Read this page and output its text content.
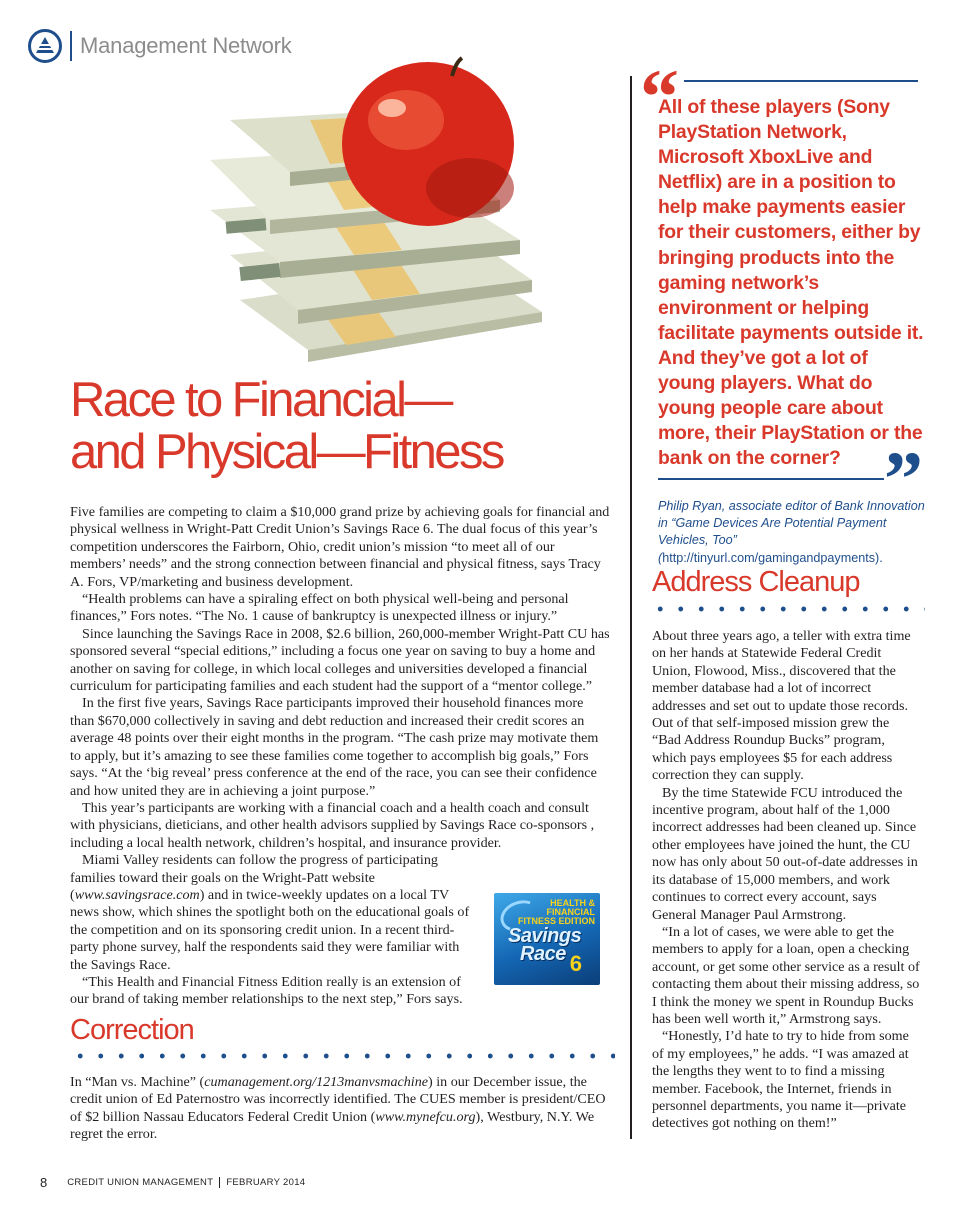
Management Network
Race to Financial—
and Physical—Fitness

Five families are competing to claim a $10,000 grand prize by achieving goals for financial and physical wellness in Wright-Patt Credit Union’s Savings Race 6. The dual focus of this year’s competition underscores the Fairborn, Ohio, credit union’s mission “to meet all of our members’ needs” and the strong connection between financial and physical fitness, says Tracy A. Fors, VP/marketing and business development.

“Health problems can have a spiraling effect on both physical well-being and personal finances,” Fors notes. “The No. 1 cause of bankruptcy is unexpected illness or injury.”

Since launching the Savings Race in 2008, $2.6 billion, 260,000-member Wright-Patt CU has sponsored several “special editions,” including a focus one year on saving to buy a home and another on saving for college, in which local colleges and universities developed a financial curriculum for participating families and each student had the support of a “mentor college.”

In the first five years, Savings Race participants improved their household finances more than $670,000 collectively in saving and debt reduction and increased their credit scores an average 48 points over their eight months in the program. “The cash prize may motivate them to apply, but it’s amazing to see these families come together to accomplish big goals,” Fors says. “At the ‘big reveal’ press conference at the end of the race, you can see their confidence and how united they are in achieving a joint purpose.”

This year’s participants are working with a financial coach and a health coach and consult with physicians, dieticians, and other health advisors supplied by Savings Race co-sponsors , including a local health network, children’s hospital, and insurance provider.

Miami Valley residents can follow the progress of participating families toward their goals on the Wright-Patt website (www.savingsrace.com) and in twice-weekly updates on a local TV news show, which shines the spotlight both on the educational goals of the competition and on its sponsoring credit union. In a recent third-party phone survey, half the respondents said they were familiar with the Savings Race.

“This Health and Financial Fitness Edition really is an extension of our brand of taking member relationships to the next step,” Fors says.

HEALTH &
FINANCIAL
FITNESS EDITION
Savings
Race 6
Correction
In “Man vs. Machine” (cumanagement.org/1213manvsmachine) in our December issue, the credit union of Ed Paternostro was incorrectly identified. The CUES member is president/CEO of $2 billion Nassau Educators Federal Credit Union (www.mynefcu.org), Westbury, N.Y. We regret the error.
“
All of these players (Sony PlayStation Network, Microsoft XboxLive and Netflix) are in a position to help make payments easier for their customers, either by bringing products into the gaming network’s environment or helping facilitate payments outside it. And they’ve got a lot of young players. What do young people care about more, their PlayStation or the bank on the corner? ”
Philip Ryan, associate editor of Bank Innovation in “Game Devices Are Potential Payment Vehicles, Too” (http://tinyurl.com/gamingandpayments).
Address Cleanup

About three years ago, a teller with extra time on her hands at Statewide Federal Credit Union, Flowood, Miss., discovered that the member database had a lot of incorrect addresses and set out to update those records. Out of that self-imposed mission grew the “Bad Address Roundup Bucks” program, which pays employees $5 for each address correction they can supply.

By the time Statewide FCU introduced the incentive program, about half of the 1,000 incorrect addresses had been cleaned up. Since other employees have joined the hunt, the CU now has only about 50 out-of-date addresses in its database of 15,000 members, and work continues to correct every account, says General Manager Paul Armstrong.

“In a lot of cases, we were able to get the members to apply for a loan, open a checking account, or get some other service as a result of contacting them about their missing address, so I think the money we spent in Roundup Bucks has been well worth it,” Armstrong says.

“Honestly, I’d hate to try to hide from some of my employees,” he adds. “I was amazed at the lengths they went to to find a missing member. Facebook, the Internet, friends in personnel departments, you name it—private detectives got nothing on them!”

8 CREDIT UNION MANAGEMENT FEBRUARY 2014
